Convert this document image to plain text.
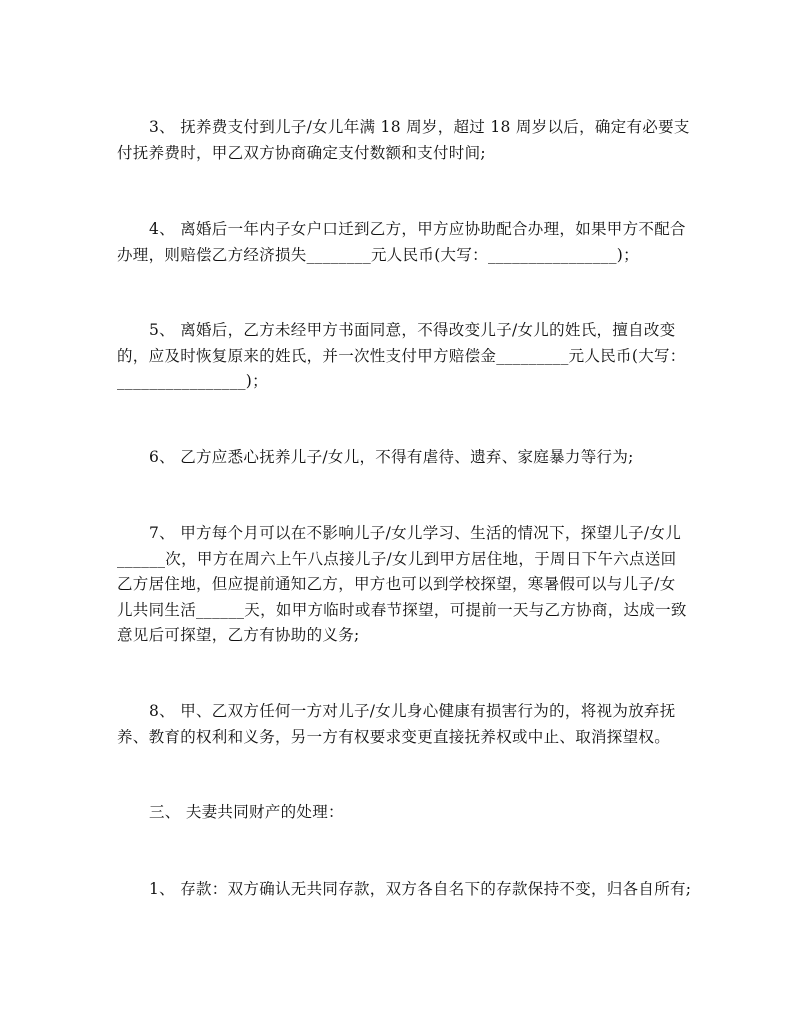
3、 抚养费支付到儿子/女儿年满 18 周岁，超过 18 周岁以后，确定有必要支
付抚养费时，甲乙双方协商确定支付数额和支付时间;
4、 离婚后一年内子女户口迁到乙方，甲方应协助配合办理，如果甲方不配合
办理，则赔偿乙方经济损失________元人民币(大写：________________)；
5、 离婚后，乙方未经甲方书面同意，不得改变儿子/女儿的姓氏，擅自改变
的，应及时恢复原来的姓氏，并一次性支付甲方赔偿金_________元人民币(大写：
________________)；
6、 乙方应悉心抚养儿子/女儿，不得有虐待、遗弃、家庭暴力等行为;
7、 甲方每个月可以在不影响儿子/女儿学习、生活的情况下，探望儿子/女儿
______次，甲方在周六上午八点接儿子/女儿到甲方居住地，于周日下午六点送回
乙方居住地，但应提前通知乙方，甲方也可以到学校探望，寒暑假可以与儿子/女
儿共同生活______天，如甲方临时或春节探望，可提前一天与乙方协商，达成一致
意见后可探望，乙方有协助的义务;
8、 甲、乙双方任何一方对儿子/女儿身心健康有损害行为的，将视为放弃抚
养、教育的权利和义务，另一方有权要求变更直接抚养权或中止、取消探望权。
三、 夫妻共同财产的处理：
1、 存款：双方确认无共同存款，双方各自名下的存款保持不变，归各自所有;
